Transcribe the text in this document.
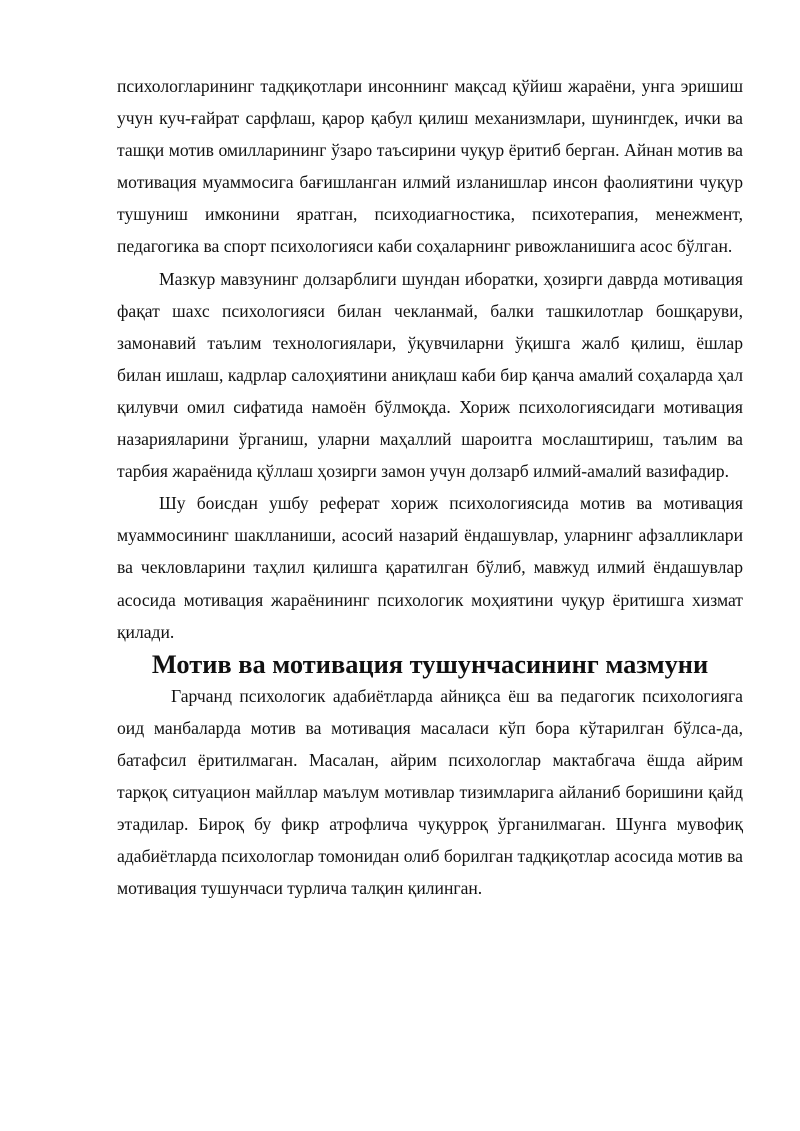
психологларининг тадқиқотлари инсоннинг мақсад қўйиш жараёни, унга эришиш учун куч-ғайрат сарфлаш, қарор қабул қилиш механизмлари, шунингдек, ички ва ташқи мотив омилларининг ўзаро таъсирини чуқур ёритиб берган. Айнан мотив ва мотивация муаммосига бағишланган илмий изланишлар инсон фаолиятини чуқур тушуниш имконини яратган, психодиагностика, психотерапия, менежмент, педагогика ва спорт психологияси каби соҳаларнинг ривожланишига асос бўлган.

Мазкур мавзунинг долзарблиги шундан иборатки, ҳозирги даврда мотивация фақат шахс психологияси билан чекланмай, балки ташкилотлар бошқаруви, замонавий таълим технологиялари, ўқувчиларни ўқишга жалб қилиш, ёшлар билан ишлаш, кадрлар салоҳиятини аниқлаш каби бир қанча амалий соҳаларда ҳал қилувчи омил сифатида намоён бўлмоқда. Хориж психологиясидаги мотивация назарияларини ўрганиш, уларни маҳаллий шароитга мослаштириш, таълим ва тарбия жараёнида қўллаш ҳозирги замон учун долзарб илмий-амалий вазифадир.

Шу боисдан ушбу реферат хориж психологиясида мотив ва мотивация муаммосининг шаклланиши, асосий назарий ёндашувлар, уларнинг афзалликлари ва чекловларини таҳлил қилишга қаратилган бўлиб, мавжуд илмий ёндашувлар асосида мотивация жараёнининг психологик моҳиятини чуқур ёритишга хизмат қилади.

Мотив ва мотивация тушунчасининг мазмуни

Гарчанд психологик адабиётларда айниқса ёш ва педагогик психологияга оид манбаларда мотив ва мотивация масаласи кўп бора кўтарилган бўлса-да, батафсил ёритилмаган. Масалан, айрим психологлар мактабгача ёшда айрим тарқоқ ситуацион майллар маълум мотивлар тизимларига айланиб боришини қайд этадилар. Бироқ бу фикр атрофлича чуқурроқ ўрганилмаган. Шунга мувофиқ адабиётларда психологлар томонидан олиб борилган тадқиқотлар асосида мотив ва мотивация тушунчаси турлича талқин қилинган.
